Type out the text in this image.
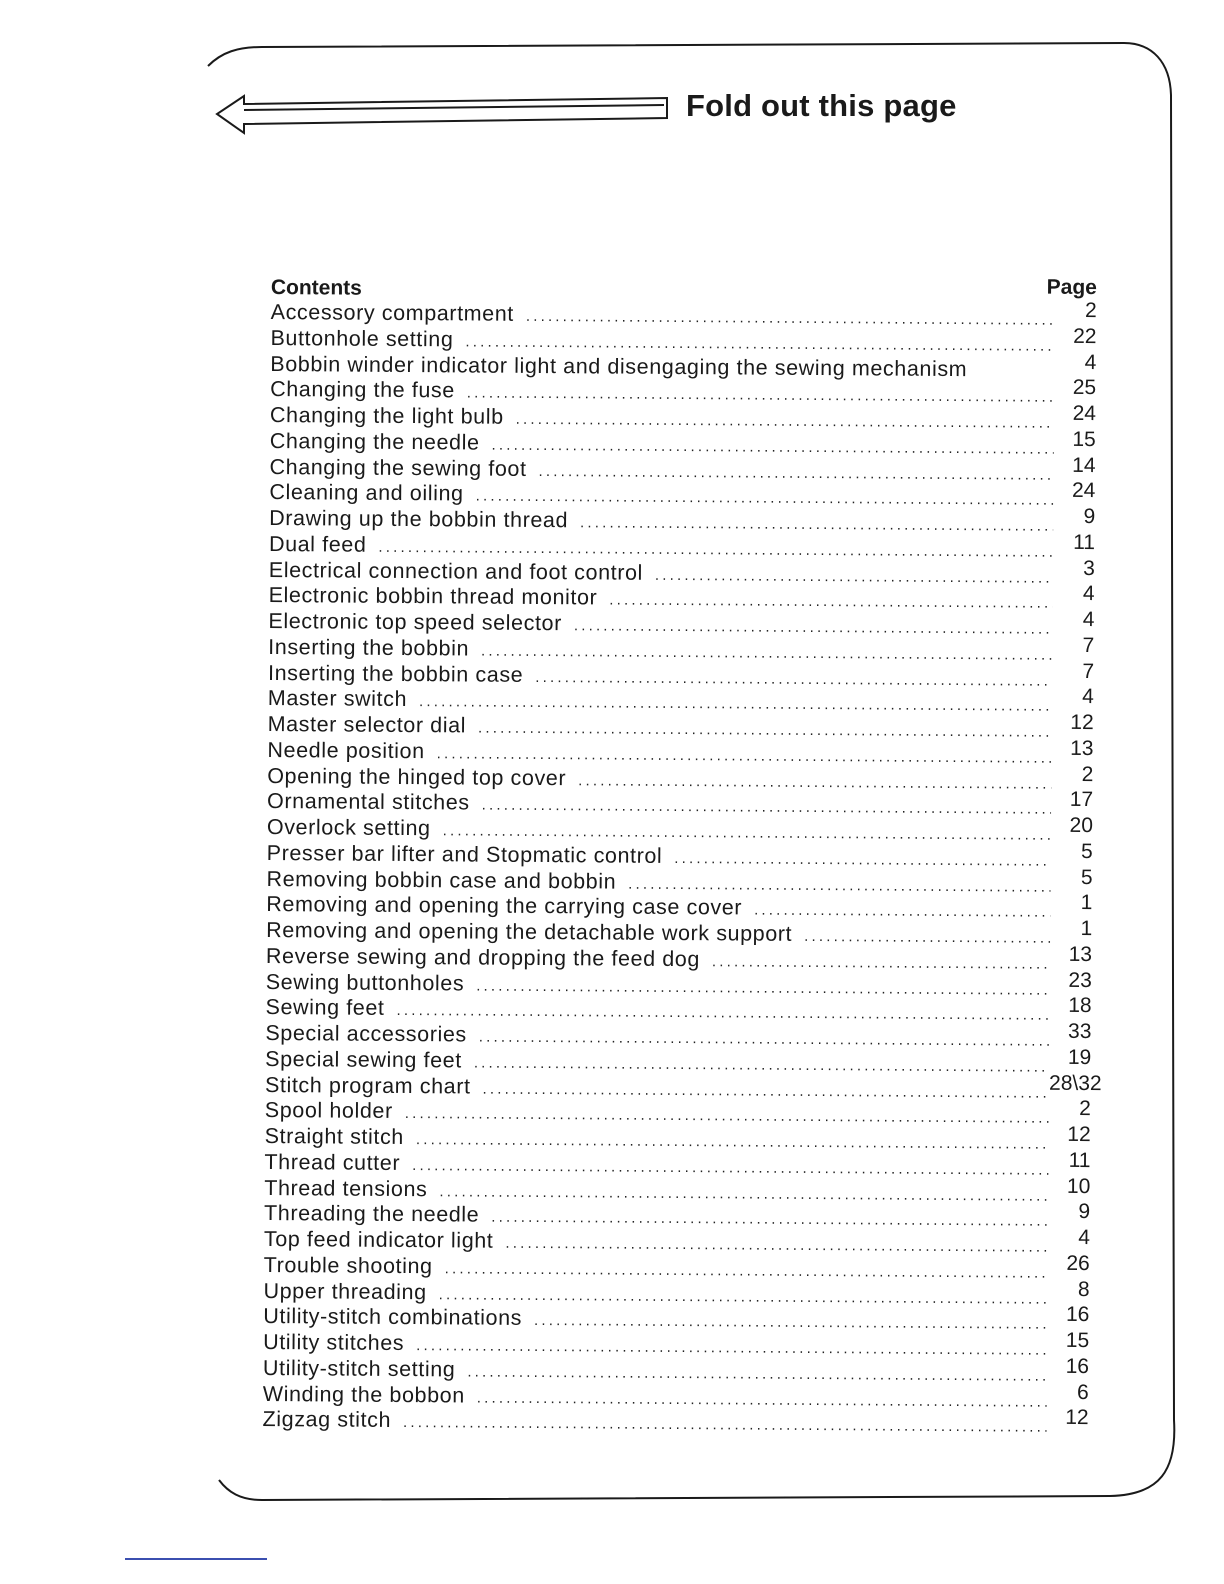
Fold out this page
Contents	Page
Accessory compartment .....	2
Buttonhole setting .....	22
Bobbin winder indicator light and disengaging the sewing mechanism	4
Changing the fuse .....	25
Changing the light bulb .....	24
Changing the needle .....	15
Changing the sewing foot .....	14
Cleaning and oiling .....	24
Drawing up the bobbin thread .....	9
Dual feed .....	11
Electrical connection and foot control .....	3
Electronic bobbin thread monitor .....	4
Electronic top speed selector .....	4
Inserting the bobbin .....	7
Inserting the bobbin case .....	7
Master switch .....	4
Master selector dial .....	12
Needle position .....	13
Opening the hinged top cover .....	2
Ornamental stitches .....	17
Overlock setting .....	20
Presser bar lifter and Stopmatic control .....	5
Removing bobbin case and bobbin .....	5
Removing and opening the carrying case cover .....	1
Removing and opening the detachable work support .....	1
Reverse sewing and dropping the feed dog .....	13
Sewing buttonholes .....	23
Sewing feet .....	18
Special accessories .....	33
Special sewing feet .....	19
Stitch program chart .....	28\32
Spool holder .....	2
Straight stitch .....	12
Thread cutter .....	11
Thread tensions .....	10
Threading the needle .....	9
Top feed indicator light .....	4
Trouble shooting .....	26
Upper threading .....	8
Utility-stitch combinations .....	16
Utility stitches .....	15
Utility-stitch setting .....	16
Winding the bobbon .....	6
Zigzag stitch .....	12
